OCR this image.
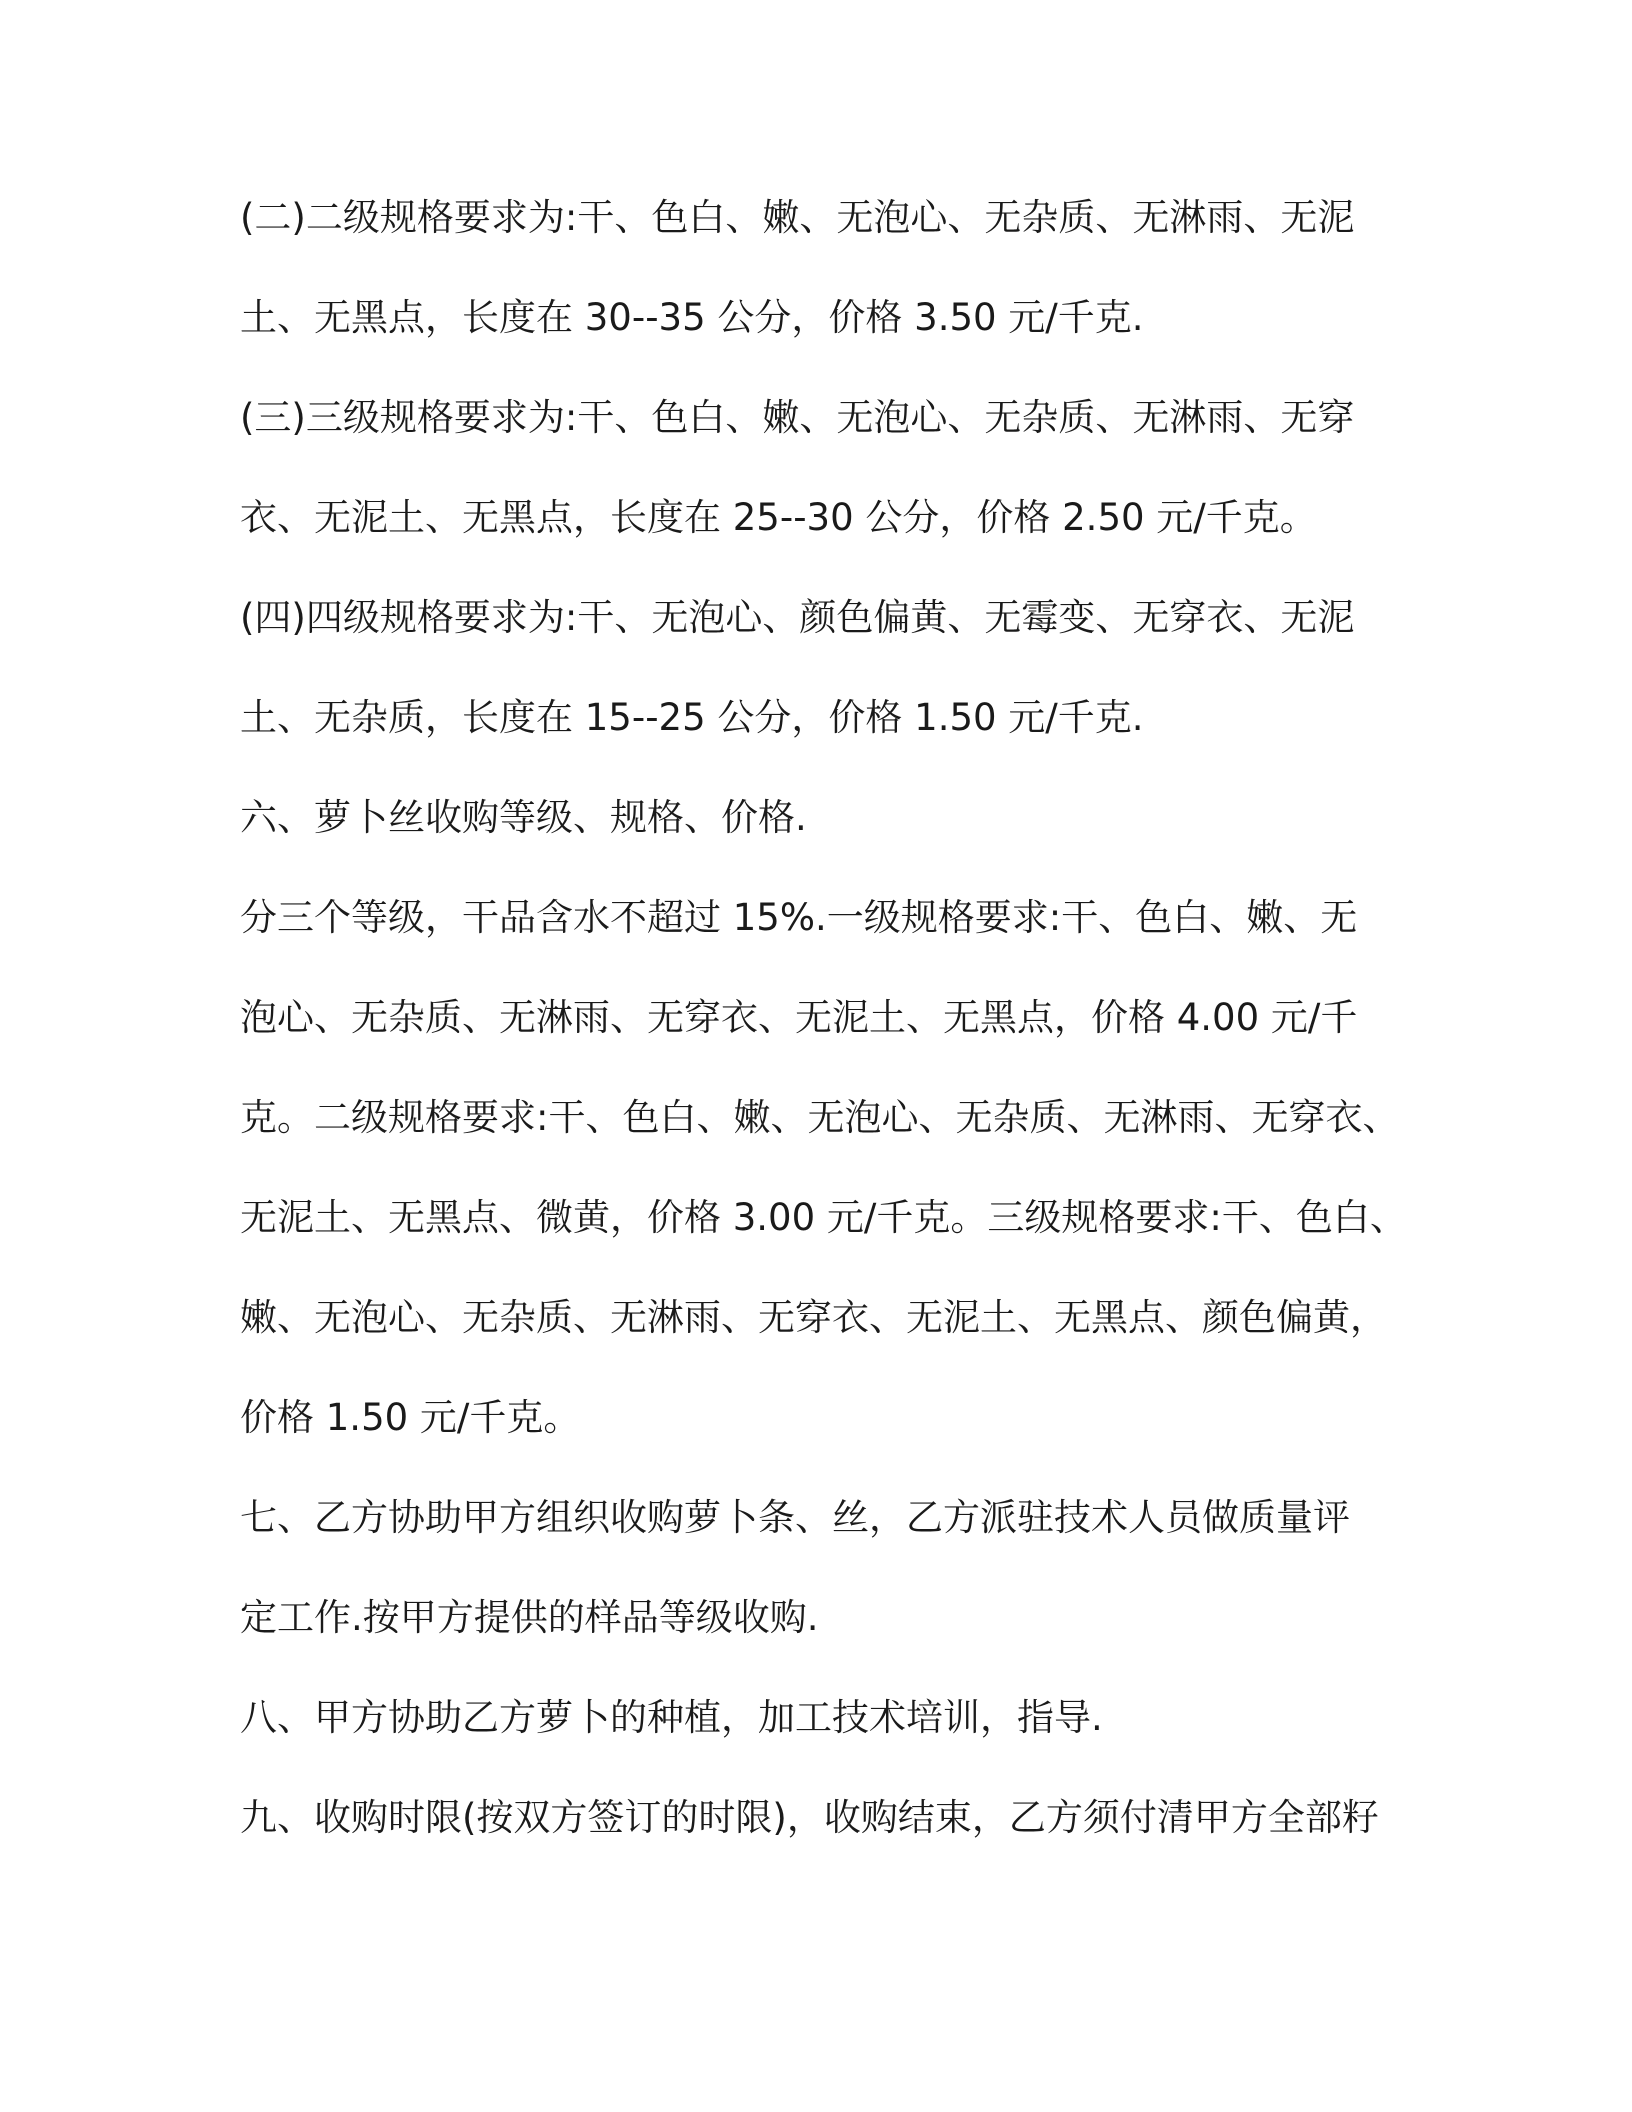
(二)二级规格要求为:干、色白、嫩、无泡心、无杂质、无淋雨、无泥

土、无黑点，长度在 30--35 公分，价格 3.50 元/千克.

(三)三级规格要求为:干、色白、嫩、无泡心、无杂质、无淋雨、无穿

衣、无泥土、无黑点，长度在 25--30 公分，价格 2.50 元/千克。

(四)四级规格要求为:干、无泡心、颜色偏黄、无霉变、无穿衣、无泥

土、无杂质，长度在 15--25 公分，价格 1.50 元/千克.

六、萝卜丝收购等级、规格、价格.

分三个等级，干品含水不超过 15%.一级规格要求:干、色白、嫩、无

泡心、无杂质、无淋雨、无穿衣、无泥土、无黑点，价格 4.00 元/千

克。二级规格要求:干、色白、嫩、无泡心、无杂质、无淋雨、无穿衣、

无泥土、无黑点、微黄，价格 3.00 元/千克。三级规格要求:干、色白、

嫩、无泡心、无杂质、无淋雨、无穿衣、无泥土、无黑点、颜色偏黄，

价格 1.50 元/千克。

七、乙方协助甲方组织收购萝卜条、丝，乙方派驻技术人员做质量评

定工作.按甲方提供的样品等级收购.

八、甲方协助乙方萝卜的种植，加工技术培训，指导.

九、收购时限(按双方签订的时限)，收购结束，乙方须付清甲方全部籽
